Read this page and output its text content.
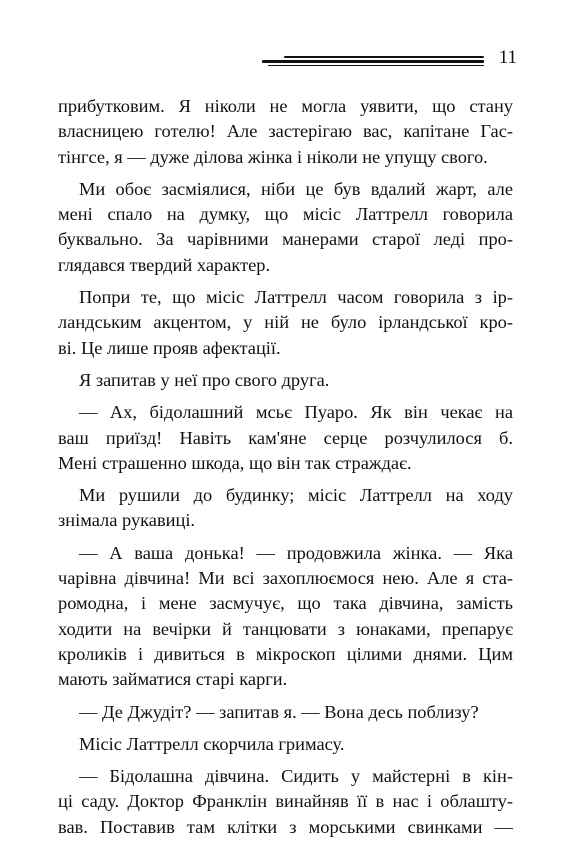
11
прибутковим. Я ніколи не могла уявити, що стану
власницею готелю! Але застерігаю вас, капітане Гас-
тінгсе, я — дуже ділова жінка і ніколи не упущу свого.
Ми обоє засміялися, ніби це був вдалий жарт, але
мені спало на думку, що місіс Латтрелл говорила
буквально. За чарівними манерами старої леді про-
глядався твердий характер.
Попри те, що місіс Латтрелл часом говорила з ір-
ландським акцентом, у ній не було ірландської кро-
ві. Це лише прояв афектації.
Я запитав у неї про свого друга.
— Ах, бідолашний мсьє Пуаро. Як він чекає на
ваш приїзд! Навіть кам'яне серце розчулилося б.
Мені страшенно шкода, що він так страждає.
Ми рушили до будинку; місіс Латтрелл на ходу
знімала рукавиці.
— А ваша донька! — продовжила жінка. — Яка
чарівна дівчина! Ми всі захоплюємося нею. Але я ста-
ромодна, і мене засмучує, що така дівчина, замість
ходити на вечірки й танцювати з юнаками, препарує
кроликів і дивиться в мікроскоп цілими днями. Цим
мають займатися старі карги.
— Де Джудіт? — запитав я. — Вона десь поблизу?
Місіс Латтрелл скорчила гримасу.
— Бідолашна дівчина. Сидить у майстерні в кін-
ці саду. Доктор Франклін винайняв її в нас і облашту-
вав. Поставив там клітки з морськими свинками —
